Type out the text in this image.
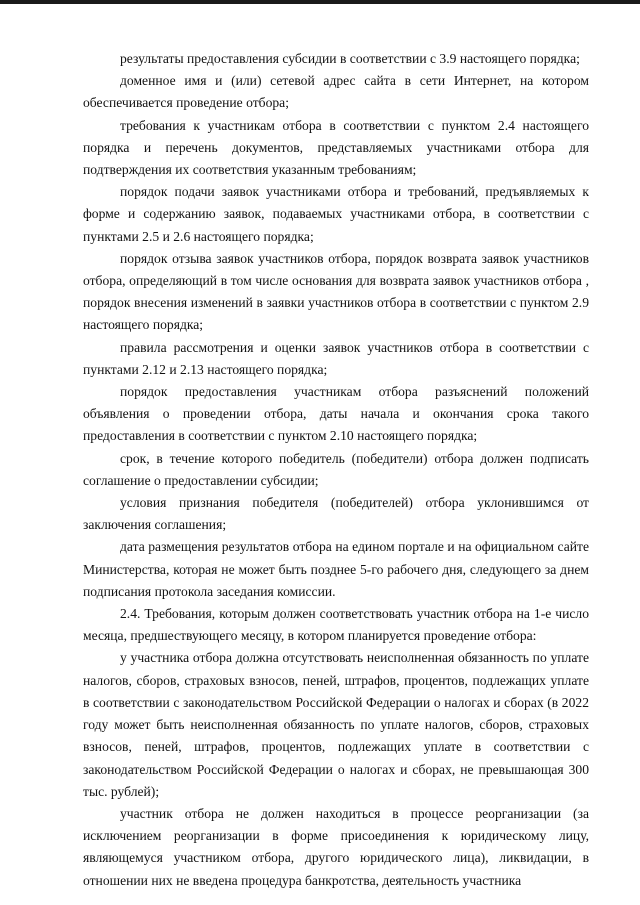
результаты предоставления субсидии в соответствии с 3.9 настоящего порядка;

доменное имя и (или) сетевой адрес сайта в сети Интернет, на котором обеспечивается проведение отбора;

требования к участникам отбора в соответствии с пунктом 2.4 настоящего порядка и перечень документов, представляемых участниками отбора для подтверждения их соответствия указанным требованиям;

порядок подачи заявок участниками отбора и требований, предъявляемых к форме и содержанию заявок, подаваемых участниками отбора, в соответствии с пунктами 2.5 и 2.6 настоящего порядка;

порядок отзыва заявок участников отбора, порядок возврата заявок участников отбора, определяющий в том числе основания для возврата заявок участников отбора , порядок внесения изменений в заявки участников отбора в соответствии с пунктом 2.9 настоящего порядка;

правила рассмотрения и оценки заявок участников отбора в соответствии с пунктами 2.12 и 2.13 настоящего порядка;

порядок предоставления участникам отбора разъяснений положений объявления о проведении отбора, даты начала и окончания срока такого предоставления в соответствии с пунктом 2.10 настоящего порядка;

срок, в течение которого победитель (победители) отбора должен подписать соглашение о предоставлении субсидии;

условия признания победителя (победителей) отбора уклонившимся от заключения соглашения;

дата размещения результатов отбора на едином портале и на официальном сайте Министерства, которая не может быть позднее 5-го рабочего дня, следующего за днем подписания протокола заседания комиссии.

2.4. Требования, которым должен соответствовать участник отбора на 1-е число месяца, предшествующего месяцу, в котором планируется проведение отбора:

у участника отбора должна отсутствовать неисполненная обязанность по уплате налогов, сборов, страховых взносов, пеней, штрафов, процентов, подлежащих уплате в соответствии с законодательством Российской Федерации о налогах и сборах (в 2022 году может быть неисполненная обязанность по уплате налогов, сборов, страховых взносов, пеней, штрафов, процентов, подлежащих уплате в соответствии с законодательством Российской Федерации о налогах и сборах, не превышающая 300 тыс. рублей);

участник отбора не должен находиться в процессе реорганизации (за исключением реорганизации в форме присоединения к юридическому лицу, являющемуся участником отбора, другого юридического лица), ликвидации, в отношении них не введена процедура банкротства, деятельность участника
